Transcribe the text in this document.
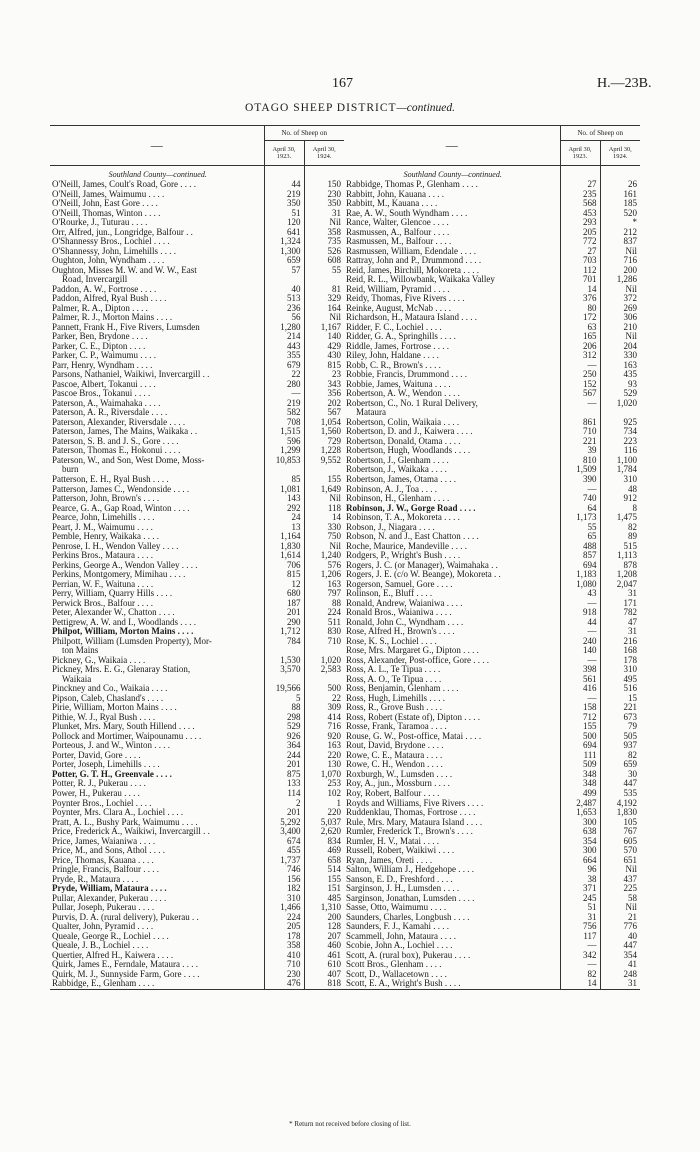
167	H.—23B.
OTAGO SHEEP DISTRICT—continued.
—	No. of Sheep on	

	April 30,
1923.	April 30,
1924.

Southland County—continued.		
O'Neill, James, Coult's Road, Gore . . . .	44	150
O'Neill, James, Waimumu . . . .	219	230
O'Neill, John, East Gore . . . .	350	350
O'Neill, Thomas, Winton . . . .	51	31
O'Rourke, J., Tuturau . . . .	120	Nil
Orr, Alfred, jun., Longridge, Balfour . .	641	358
O'Shannessy Bros., Lochiel . . . .	1,324	735
O'Shannessy, John, Limehills . . . .	1,300	526
Oughton, John, Wyndham . . . .	659	608
Oughton, Misses M. W. and W. W., East	57	55
Road, Invercargill		
Paddon, A. W., Fortrose . . . .	40	81
Paddon, Alfred, Ryal Bush . . . .	513	329
Palmer, R. A., Dipton . . . .	236	164
Palmer, R. J., Morton Mains . . . .	56	Nil
Pannett, Frank H., Five Rivers, Lumsden	1,280	1,167
Parker, Ben, Brydone . . . .	214	140
Parker, C. E., Dipton . . . .	443	429
Parker, C. P., Waimumu . . . .	355	430
Parr, Henry, Wyndham . . . .	679	815
Parsons, Nathaniel, Waikiwi, Invercargill . .	22	23
Pascoe, Albert, Tokanui . . . .	280	343
Pascoe Bros., Tokanui . . . .	—	356
Paterson, A., Waimahaka . . . .	219	202
Paterson, A. R., Riversdale . . . .	582	567
Paterson, Alexander, Riversdale . . . .	708	1,054
Paterson, James, The Mains, Waikaka . .	1,515	1,560
Paterson, S. B. and J. S., Gore . . . .	596	729
Paterson, Thomas E., Hokonui . . . .	1,299	1,228
Paterson, W., and Son, West Dome, Moss-	10,853	9,552
burn		
Patterson, E. H., Ryal Bush . . . .	85	155
Patterson, James C., Wendonside . . . .	1,081	1,649
Patterson, John, Brown's . . . .	143	Nil
Pearce, G. A., Gap Road, Winton . . . .	292	118
Pearce, John, Limehills . . . .	24	14
Peart, J. M., Waimumu . . . .	13	330
Pemble, Henry, Waikaka . . . .	1,164	750
Penrose, I. H., Wendon Valley . . . .	1,830	Nil
Perkins Bros., Mataura . . . .	1,614	1,240
Perkins, George A., Wendon Valley . . . .	706	576
Perkins, Montgomery, Mimihau . . . .	815	1,206
Perrian, W. F., Waituna . . . .	12	163
Perry, William, Quarry Hills . . . .	680	797
Perwick Bros., Balfour . . . .	187	88
Peter, Alexander W., Chatton . . . .	201	224
Pettigrew, A. W. and I., Woodlands . . . .	290	511
Philpot, William, Morton Mains . . . .	1,712	830
Philpott, William (Lumsden Property), Mor-	784	710
ton Mains		
Pickney, G., Waikaia . . . .	1,530	1,020
Pickney, Mrs. E. G., Glenaray Station,	3,570	2,583
Waikaia		
Pinckney and Co., Waikaia . . . .	19,566	500
Pipson, Caleb, Chasland's . . . .	5	22
Pirie, William, Morton Mains . . . .	88	309
Pithie, W. J., Ryal Bush . . . .	298	414
Plunket, Mrs. Mary, South Hillend . . . .	529	716
Pollock and Mortimer, Waipounamu . . . .	926	920
Porteous, J. and W., Winton . . . .	364	163
Porter, David, Gore . . . .	244	220
Porter, Joseph, Limehills . . . .	201	130
Potter, G. T. H., Greenvale . . . .	875	1,070
Potter, R. J., Pukerau . . . .	133	253
Power, H., Pukerau . . . .	114	102
Poynter Bros., Lochiel . . . .	2	1
Poynter, Mrs. Clara A., Lochiel . . . .	201	220
Pratt, A. L., Bushy Park, Waimumu . . . .	5,292	5,037
Price, Frederick A., Waikiwi, Invercargill . .	3,400	2,620
Price, James, Waianiwa . . . .	674	834
Price, M., and Sons, Athol . . . .	455	469
Price, Thomas, Kauana . . . .	1,737	658
Pringle, Francis, Balfour . . . .	746	514
Pryde, R., Mataura . . . .	156	155
Pryde, William, Mataura . . . .	182	151
Pullar, Alexander, Pukerau . . . .	310	485
Pullar, Joseph, Pukerau . . . .	1,466	1,310
Purvis, D. A. (rural delivery), Pukerau . .	224	200
Qualter, John, Pyramid . . . .	205	128
Queale, George R., Lochiel . . . .	178	207
Queale, J. B., Lochiel . . . .	358	460
Quertier, Alfred H., Kaiwera . . . .	410	461
Quirk, James E., Ferndale, Mataura . . . .	710	610
Quirk, M. J., Sunnyside Farm, Gore . . . .	230	407
Rabbidge, E., Glenham . . . .	476	818
—	No. of Sheep on	

	April 30,
1923.	April 30,
1924.

Southland County—continued.		
Rabbidge, Thomas P., Glenham . . . .	27	26
Rabbitt, John, Kauana . . . .	235	161
Rabbitt, M., Kauana . . . .	568	185
Rae, A. W., South Wyndham . . . .	453	520
Rance, Walter, Glencoe . . . .	293	*
Rasmussen, A., Balfour . . . .	205	212
Rasmussen, M., Balfour . . . .	772	837
Rasmussen, William, Edendale . . . .	27	Nil
Rattray, John and P., Drummond . . . .	703	716
Reid, James, Birchill, Mokoreta . . . .	112	200
Reid, R. L., Willowbank, Waikaka Valley	701	1,286
Reid, William, Pyramid . . . .	14	Nil
Reidy, Thomas, Five Rivers . . . .	376	372
Reinke, August, McNab . . . .	80	269
Richardson, H., Mataura Island . . . .	172	306
Ridder, F. C., Lochiel . . . .	63	210
Ridder, G. A., Springhills . . . .	165	Nil
Riddle, James, Fortrose . . . .	206	204
Riley, John, Haldane . . . .	312	330
Robb, C. R., Brown's . . . .	—	163
Robbie, Francis, Drummond . . . .	250	435
Robbie, James, Waituna . . . .	152	93
Robertson, A. W., Wendon . . . .	567	529
Robertson, C., No. 1 Rural Delivery,	—	1,020
Mataura		
Robertson, Colin, Waikaia . . . .	861	925
Robertson, D. and J., Kaiwera . . . .	710	734
Robertson, Donald, Otama . . . .	221	223
Robertson, Hugh, Woodlands . . . .	39	116
Robertson, J., Glenham . . . .	810	1,100
Robertson, J., Waikaka . . . .	1,509	1,784
Robertson, James, Otama . . . .	390	310
Robinson, A. J., Toa . . . .	—	48
Robinson, H., Glenham . . . .	740	912
Robinson, J. W., Gorge Road . . . .	64	8
Robinson, T. A., Mokoreta . . . .	1,173	1,475
Robson, J., Niagara . . . .	55	82
Robson, N. and J., East Chatton . . . .	65	89
Roche, Maurice, Mandeville . . . .	488	515
Rodgers, P., Wright's Bush . . . .	857	1,113
Rogers, J. C. (or Manager), Waimahaka . .	694	878
Rogers, J. E. (c/o W. Beange), Mokoreta . .	1,183	1,208
Rogerson, Samuel, Gore . . . .	1,080	2,047
Rolinson, E., Bluff . . . .	43	31
Ronald, Andrew, Waianiwa . . . .	—	171
Ronald Bros., Waianiwa . . . .	918	782
Ronald, John C., Wyndham . . . .	44	47
Rose, Alfred H., Brown's . . . .	—	31
Rose, K. S., Lochiel . . . .	240	216
Rose, Mrs. Margaret G., Dipton . . . .	140	168
Ross, Alexander, Post-office, Gore . . . .	—	178
Ross, A. L., Te Tipua . . . .	398	310
Ross, A. O., Te Tipua . . . .	561	495
Ross, Benjamin, Glenham . . . .	416	516
Ross, Hugh, Limehills . . . .	—	15
Ross, R., Grove Bush . . . .	158	221
Ross, Robert (Estate of), Dipton . . . .	712	673
Rosse, Frank, Taramoa . . . .	155	79
Rouse, G. W., Post-office, Matai . . . .	500	505
Rout, David, Brydone . . . .	694	937
Rowe, C. E., Mataura . . . .	111	82
Rowe, C. H., Wendon . . . .	509	659
Roxburgh, W., Lumsden . . . .	348	30
Roy, A., jun., Mossburn . . . .	348	447
Roy, Robert, Balfour . . . .	499	535
Royds and Williams, Five Rivers . . . .	2,487	4,192
Ruddenklau, Thomas, Fortrose . . . .	1,653	1,830
Rule, Mrs. Mary, Mataura Island . . . .	300	105
Rumler, Frederick T., Brown's . . . .	638	767
Rumler, H. V., Matai . . . .	354	605
Russell, Robert, Waikiwi . . . .	300	570
Ryan, James, Oreti . . . .	664	651
Salton, William J., Hedgehope . . . .	96	Nil
Sanson, E. D., Freshford . . . .	38	437
Sarginson, J. H., Lumsden . . . .	371	225
Sarginson, Jonathan, Lumsden . . . .	245	58
Sasse, Otto, Waimumu . . . .	51	Nil
Saunders, Charles, Longbush . . . .	31	21
Saunders, F. J., Kamahi . . . .	756	776
Scammell, John, Mataura . . . .	117	40
Scobie, John A., Lochiel . . . .	—	447
Scott, A. (rural box), Pukerau . . . .	342	354
Scott Bros., Glenham . . . .	—	41
Scott, D., Wallacetown . . . .	82	248
Scott, E. A., Wright's Bush . . . .	14	31
* Return not received before closing of list.
